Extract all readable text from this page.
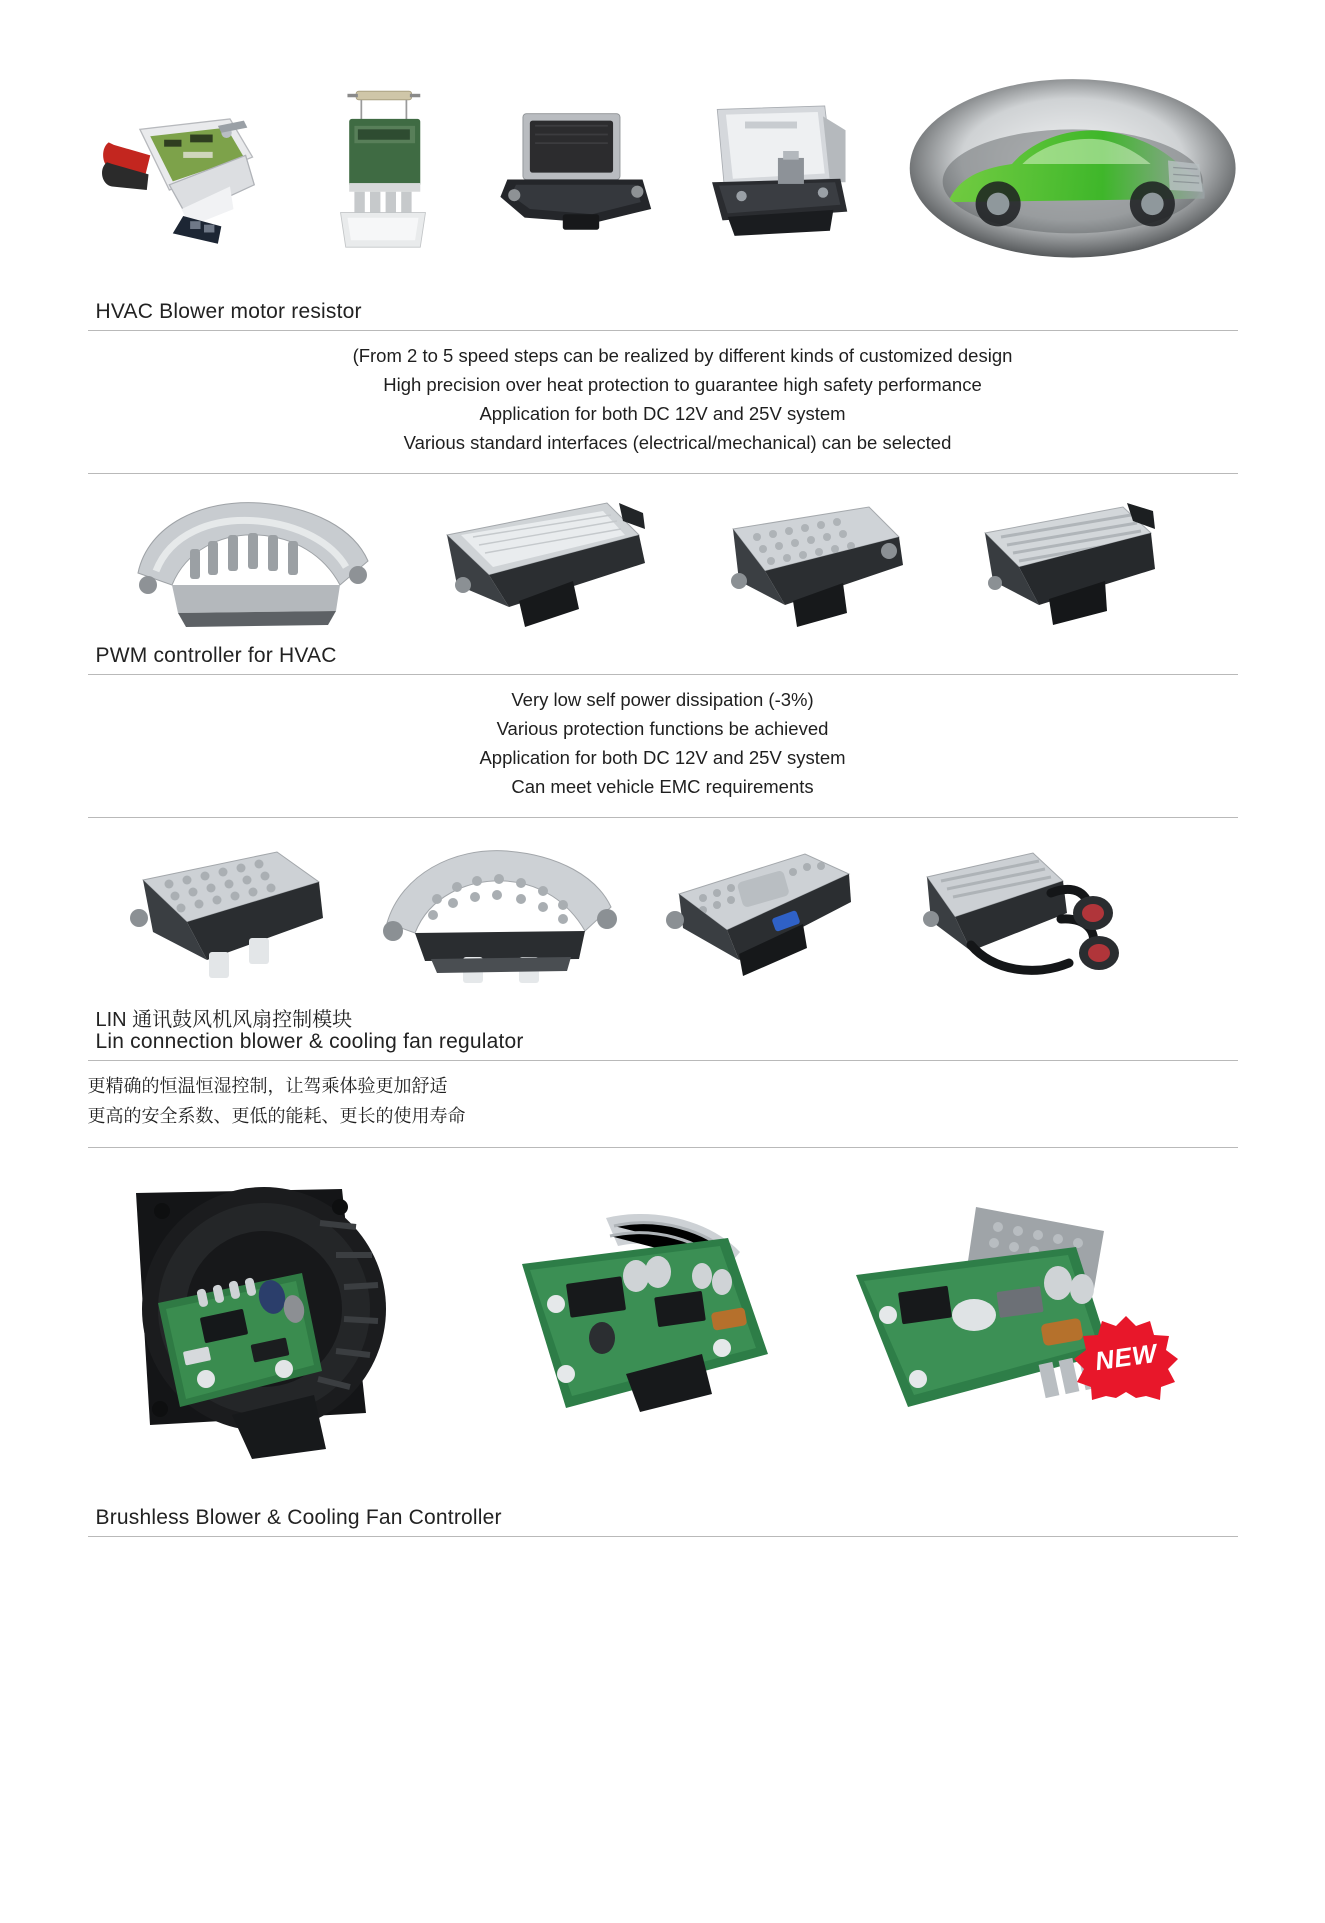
HVAC Blower motor resistor
(From 2 to 5 speed steps can be realized by different kinds of customized design
High precision over heat protection to guarantee high safety performance
Application for both DC 12V and 25V system
Various standard interfaces (electrical/mechanical) can be selected
PWM controller for HVAC
Very low self power dissipation (-3%)
Various protection functions be achieved
Application for both DC 12V and 25V system
Can meet vehicle EMC requirements
LIN 通讯鼓风机风扇控制模块
Lin connection blower & cooling fan regulator
更精确的恒温恒湿控制，让驾乘体验更加舒适
更高的安全系数、更低的能耗、更长的使用寿命
NEW
Brushless Blower & Cooling Fan Controller
